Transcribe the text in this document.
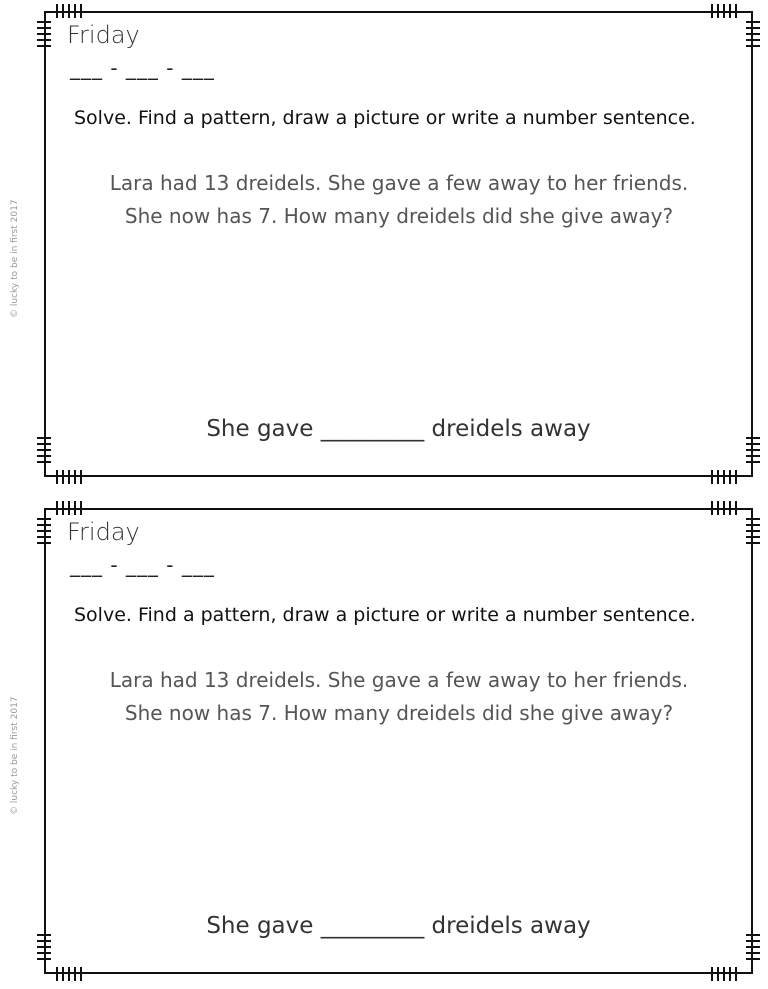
Friday
___ - ___ - ___
Solve. Find a pattern, draw a picture or write a number sentence.
Lara had 13 dreidels. She gave a few away to her friends.
She now has 7. How many dreidels did she give away?
She gave _________ dreidels away
Friday
___ - ___ - ___
Solve. Find a pattern, draw a picture or write a number sentence.
Lara had 13 dreidels. She gave a few away to her friends.
She now has 7. How many dreidels did she give away?
She gave _________ dreidels away
© lucky to be in first 2017
© lucky to be in first 2017
